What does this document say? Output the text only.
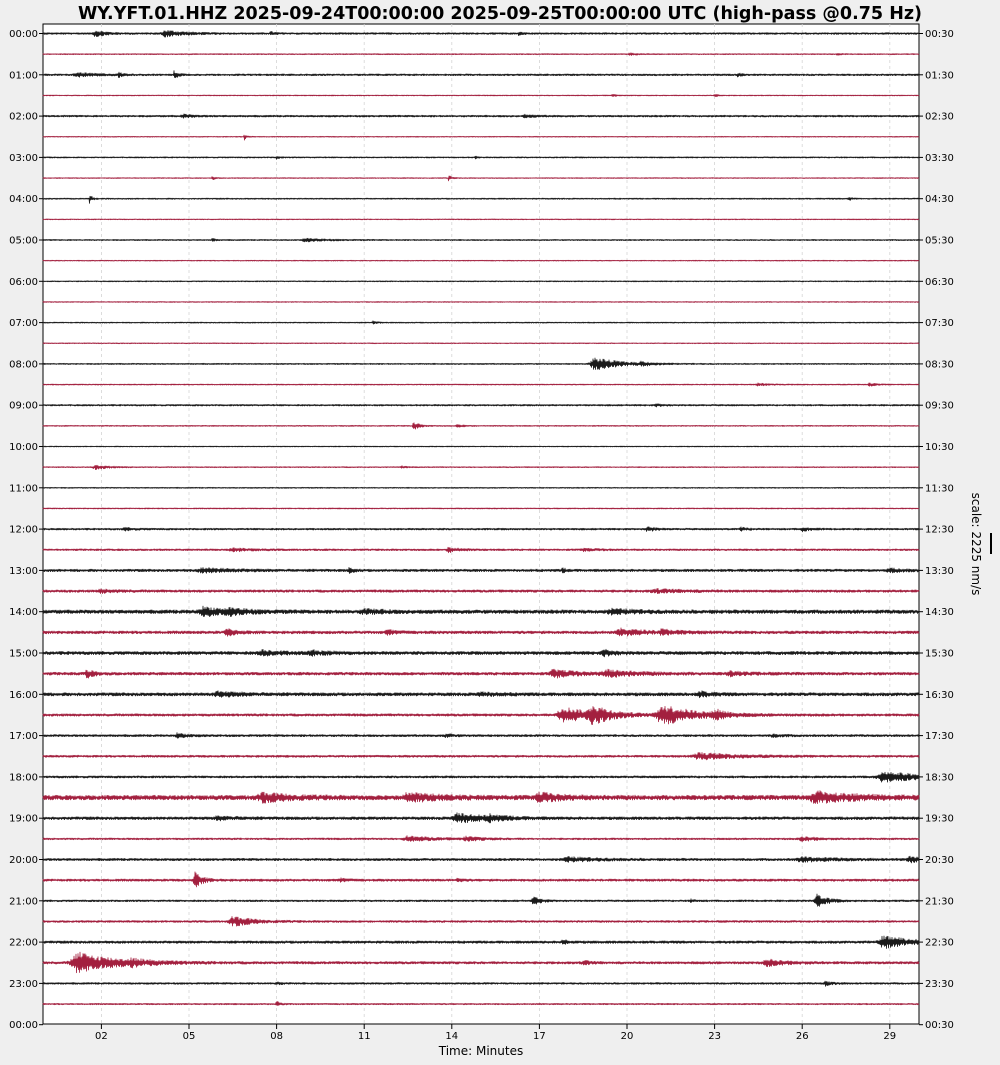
WY.YFT.01.HHZ 2025-09-24T00:00:00 2025-09-25T00:00:00 UTC (high-pass @0.75 Hz)
00:00
01:00
02:00
03:00
04:00
05:00
06:00
07:00
08:00
09:00
10:00
11:00
12:00
13:00
14:00
15:00
16:00
17:00
18:00
19:00
20:00
21:00
22:00
23:00
00:00
00:30
01:30
02:30
03:30
04:30
05:30
06:30
07:30
08:30
09:30
10:30
11:30
12:30
13:30
14:30
15:30
16:30
17:30
18:30
19:30
20:30
21:30
22:30
23:30
00:30
02	05	08	11	14	17	20	23	26	29
Time: Minutes
scale: 2225 nm/s
